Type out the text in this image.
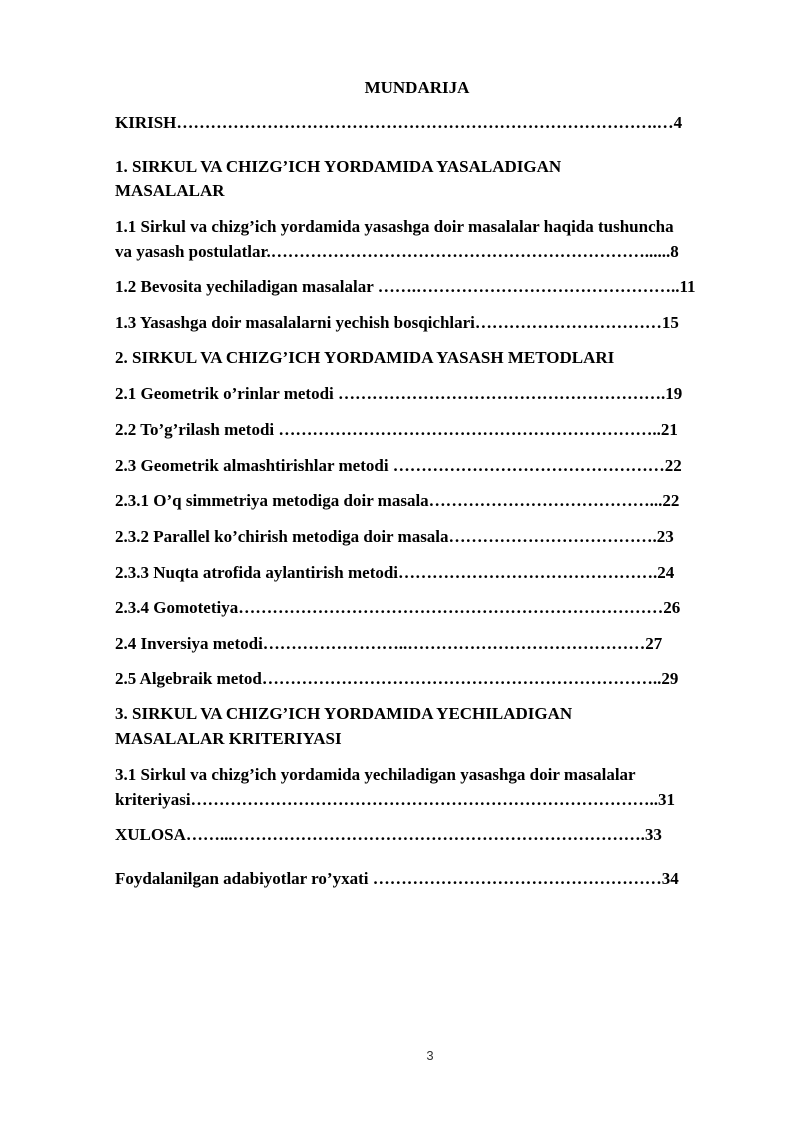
MUNDARIJA
KIRISH………………………………………………………………………….…4
1. SIRKUL VA CHIZG’ICH YORDAMIDA YASALADIGAN
MASALALAR
1.1 Sirkul va chizg’ich yordamida yasashga doir masalalar haqida tushuncha
va yasash postulatlar.…………………………………………………………......8
1.2 Bevosita yechiladigan masalalar …….………………………………………..11
1.3 Yasashga doir masalalarni yechish bosqichlari……………………………15
2. SIRKUL VA CHIZG’ICH YORDAMIDA YASASH METODLARI
2.1 Geometrik o’rinlar metodi ………………………………………………….19
2.2 To’g’rilash metodi …………………………………………………………..21
2.3 Geometrik almashtirishlar metodi …………………………………………22
2.3.1 O’q simmetriya metodiga doir masala…………………………………...22
2.3.2 Parallel ko’chirish metodiga doir masala……………………………….23
2.3.3 Nuqta atrofida aylantirish metodi……………………………………….24
2.3.4 Gomotetiya…………………………………………………………………26
2.4 Inversiya metodi……………………..……………………………………27
2.5 Algebraik metod……………………………………………………………..29
3. SIRKUL VA CHIZG’ICH YORDAMIDA YECHILADIGAN
MASALALAR KRITERIYASI
3.1 Sirkul va chizg’ich yordamida yechiladigan yasashga doir masalalar
kriteriyasi………………………………………………………………………..31
XULOSA……...……………………………………………………………….33
Foydalanilgan adabiyotlar ro’yxati ……………………………………………34
3
